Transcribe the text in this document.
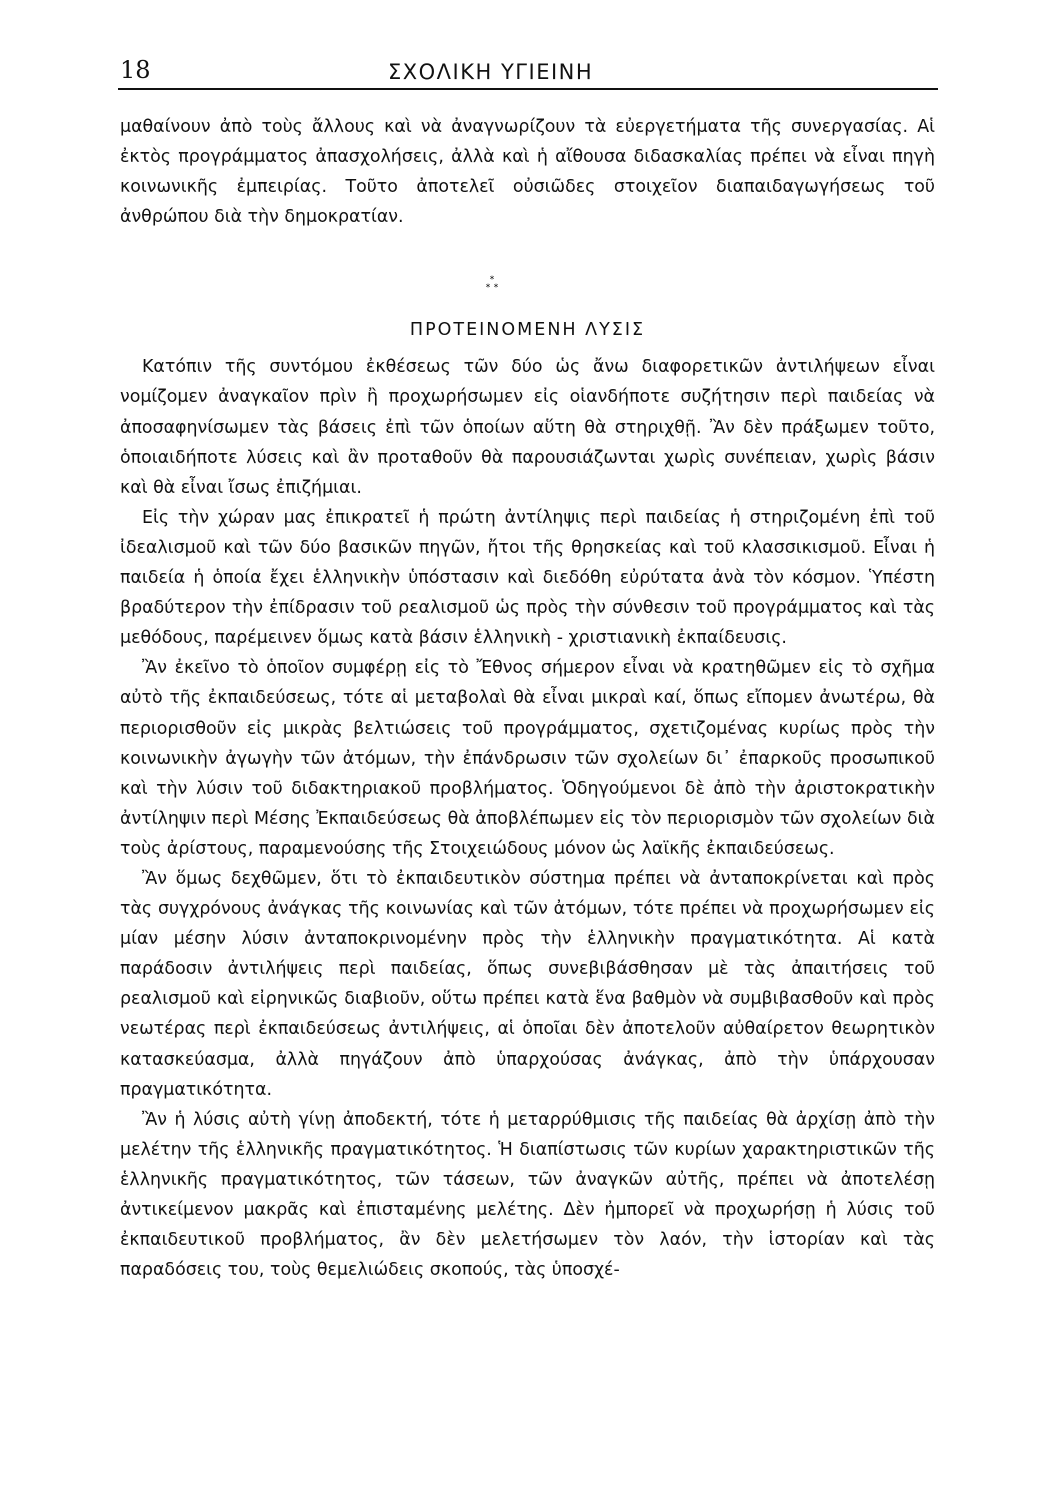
18	ΣΧΟΛΙΚΗ ΥΓΙΕΙΝΗ

μαθαίνουν ἀπὸ τοὺς ἄλλους καὶ νὰ ἀναγνωρίζουν τὰ εὐεργετήματα τῆς συνεργασίας. Αἱ ἐκτὸς προγράμματος ἀπασχολήσεις, ἀλλὰ καὶ ἡ αἴθουσα διδασκαλίας πρέπει νὰ εἶναι πηγὴ κοινωνικῆς ἐμπειρίας. Τοῦτο ἀποτελεῖ οὐσιῶδες στοιχεῖον διαπαιδαγωγήσεως τοῦ ἀνθρώπου διὰ τὴν δημοκρατίαν.

*
* *
ΠΡΟΤΕΙΝΟΜΕΝΗ ΛΥΣΙΣ

Κατόπιν τῆς συντόμου ἐκθέσεως τῶν δύο ὡς ἄνω διαφορετικῶν ἀντιλήψεων εἶναι νομίζομεν ἀναγκαῖον πρὶν ἢ προχωρήσωμεν εἰς οἱανδήποτε συζήτησιν περὶ παιδείας νὰ ἀποσαφηνίσωμεν τὰς βάσεις ἐπὶ τῶν ὁποίων αὕτη θὰ στηριχθῇ. Ἂν δὲν πράξωμεν τοῦτο, ὁποιαιδήποτε λύσεις καὶ ἂν προταθοῦν θὰ παρουσιάζωνται χωρὶς συνέπειαν, χωρὶς βάσιν καὶ θὰ εἶναι ἴσως ἐπιζήμιαι.

Εἰς τὴν χώραν μας ἐπικρατεῖ ἡ πρώτη ἀντίληψις περὶ παιδείας ἡ στηριζομένη ἐπὶ τοῦ ἰδεαλισμοῦ καὶ τῶν δύο βασικῶν πηγῶν, ἤτοι τῆς θρησκείας καὶ τοῦ κλασσικισμοῦ. Εἶναι ἡ παιδεία ἡ ὁποία ἔχει ἑλληνικὴν ὑπόστασιν καὶ διεδόθη εὐρύτατα ἀνὰ τὸν κόσμον. Ὑπέστη βραδύτερον τὴν ἐπίδρασιν τοῦ ρεαλισμοῦ ὡς πρὸς τὴν σύνθεσιν τοῦ προγράμματος καὶ τὰς μεθόδους, παρέμεινεν ὅμως κατὰ βάσιν ἑλληνικὴ - χριστιανικὴ ἐκπαίδευσις.

Ἂν ἐκεῖνο τὸ ὁποῖον συμφέρῃ εἰς τὸ Ἔθνος σήμερον εἶναι νὰ κρατηθῶμεν εἰς τὸ σχῆμα αὐτὸ τῆς ἐκπαιδεύσεως, τότε αἱ μεταβολαὶ θὰ εἶναι μικραὶ καί, ὅπως εἴπομεν ἀνωτέρω, θὰ περιορισθοῦν εἰς μικρὰς βελτιώσεις τοῦ προγράμματος, σχετιζομένας κυρίως πρὸς τὴν κοινωνικὴν ἀγωγὴν τῶν ἀτόμων, τὴν ἐπάνδρωσιν τῶν σχολείων δι᾽ ἐπαρκοῦς προσωπικοῦ καὶ τὴν λύσιν τοῦ διδακτηριακοῦ προβλήματος. Ὁδηγούμενοι δὲ ἀπὸ τὴν ἀριστοκρατικὴν ἀντίληψιν περὶ Μέσης Ἐκπαιδεύσεως θὰ ἀποβλέπωμεν εἰς τὸν περιορισμὸν τῶν σχολείων διὰ τοὺς ἀρίστους, παραμενούσης τῆς Στοιχειώδους μόνον ὡς λαϊκῆς ἐκπαιδεύσεως.

Ἂν ὅμως δεχθῶμεν, ὅτι τὸ ἐκπαιδευτικὸν σύστημα πρέπει νὰ ἀνταποκρίνεται καὶ πρὸς τὰς συγχρόνους ἀνάγκας τῆς κοινωνίας καὶ τῶν ἀτόμων, τότε πρέπει νὰ προχωρήσωμεν εἰς μίαν μέσην λύσιν ἀνταποκρινομένην πρὸς τὴν ἑλληνικὴν πραγματικότητα. Αἱ κατὰ παράδοσιν ἀντιλήψεις περὶ παιδείας, ὅπως συνεβιβάσθησαν μὲ τὰς ἀπαιτήσεις τοῦ ρεαλισμοῦ καὶ εἰρηνικῶς διαβιοῦν, οὕτω πρέπει κατὰ ἕνα βαθμὸν νὰ συμβιβασθοῦν καὶ πρὸς νεωτέρας περὶ ἐκπαιδεύσεως ἀντιλήψεις, αἱ ὁποῖαι δὲν ἀποτελοῦν αὐθαίρετον θεωρητικὸν κατασκεύασμα, ἀλλὰ πηγάζουν ἀπὸ ὑπαρχούσας ἀνάγκας, ἀπὸ τὴν ὑπάρχουσαν πραγματικότητα.

Ἂν ἡ λύσις αὐτὴ γίνῃ ἀποδεκτή, τότε ἡ μεταρρύθμισις τῆς παιδείας θὰ ἀρχίσῃ ἀπὸ τὴν μελέτην τῆς ἑλληνικῆς πραγματικότητος. Ἡ διαπίστωσις τῶν κυρίων χαρακτηριστικῶν τῆς ἑλληνικῆς πραγματικότητος, τῶν τάσεων, τῶν ἀναγκῶν αὐτῆς, πρέπει νὰ ἀποτελέσῃ ἀντικείμενον μακρᾶς καὶ ἐπισταμένης μελέτης. Δὲν ἠμπορεῖ νὰ προχωρήσῃ ἡ λύσις τοῦ ἐκπαιδευτικοῦ προβλήματος, ἂν δὲν μελετήσωμεν τὸν λαόν, τὴν ἱστορίαν καὶ τὰς παραδόσεις του, τοὺς θεμελιώδεις σκοπούς, τὰς ὑποσχέ-
